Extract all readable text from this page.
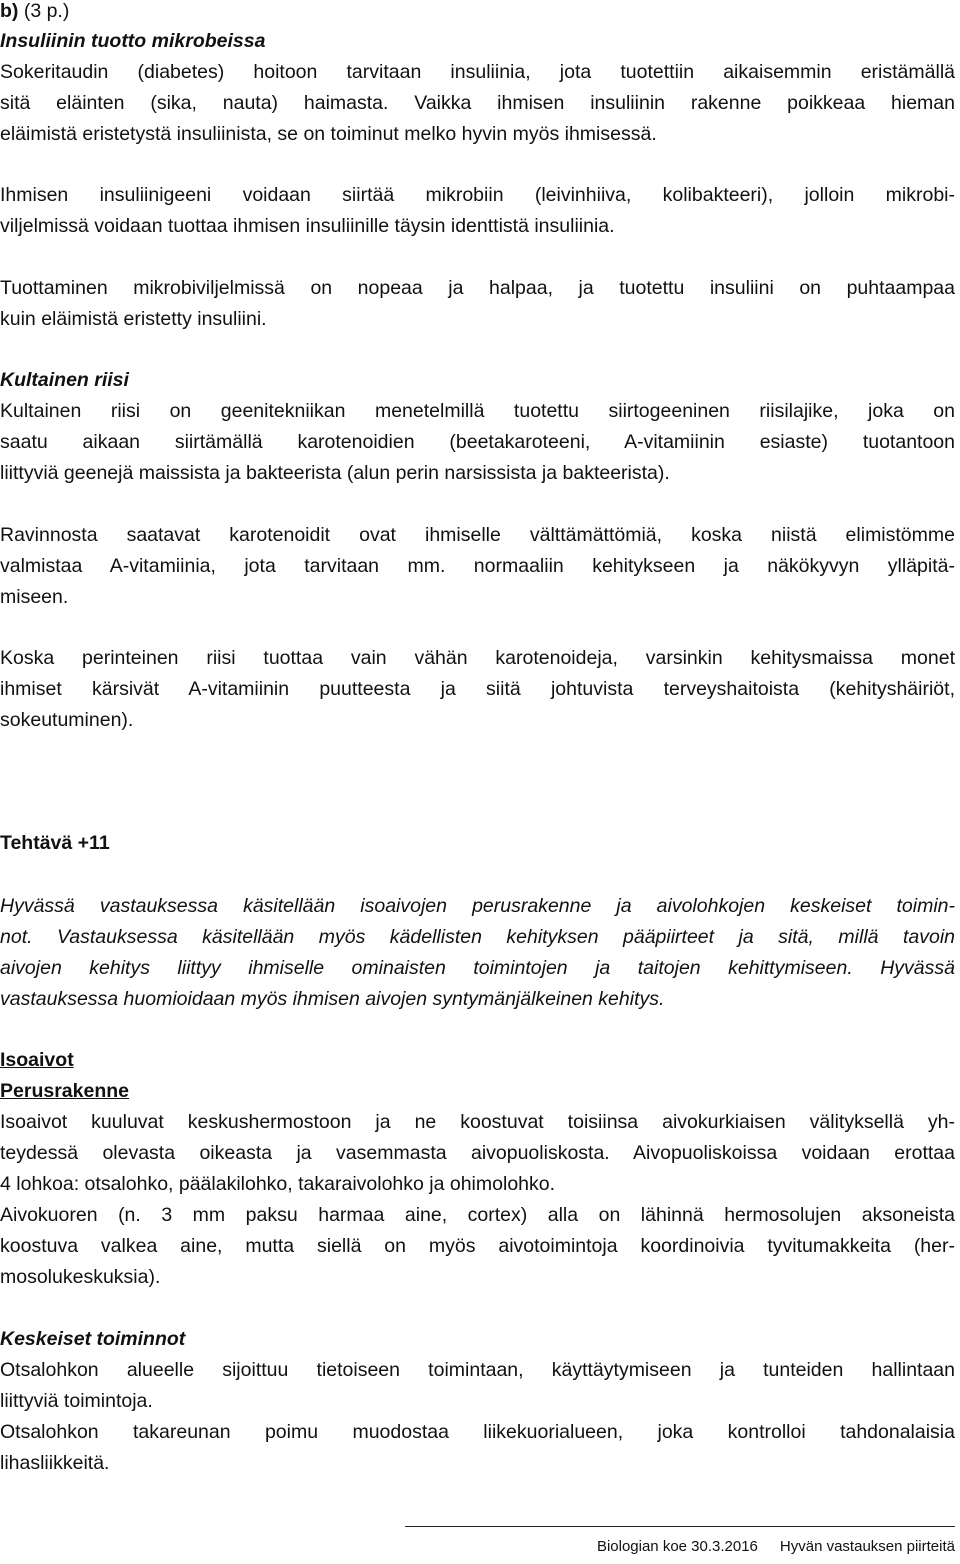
b) (3 p.)

Insuliinin tuotto mikrobeissa

Sokeritaudin (diabetes) hoitoon tarvitaan insuliinia, jota tuotettiin aikaisemmin eristämällä

sitä eläinten (sika, nauta) haimasta. Vaikka ihmisen insuliinin rakenne poikkeaa hieman

eläimistä eristetystä insuliinista, se on toiminut melko hyvin myös ihmisessä.

Ihmisen insuliinigeeni voidaan siirtää mikrobiin (leivinhiiva, kolibakteeri), jolloin mikrobi-

viljelmissä voidaan tuottaa ihmisen insuliinille täysin identtistä insuliinia.

Tuottaminen mikrobiviljelmissä on nopeaa ja halpaa, ja tuotettu insuliini on puhtaampaa

kuin eläimistä eristetty insuliini.

Kultainen riisi

Kultainen riisi on geenitekniikan menetelmillä tuotettu siirtogeeninen riisilajike, joka on

saatu aikaan siirtämällä karotenoidien (beetakaroteeni, A-vitamiinin esiaste) tuotantoon

liittyviä geenejä maissista ja bakteerista (alun perin narsissista ja bakteerista).

Ravinnosta saatavat karotenoidit ovat ihmiselle välttämättömiä, koska niistä elimistömme

valmistaa A-vitamiinia, jota tarvitaan mm. normaaliin kehitykseen ja näkökyvyn ylläpitä-

miseen.

Koska perinteinen riisi tuottaa vain vähän karotenoideja, varsinkin kehitysmaissa monet

ihmiset kärsivät A-vitamiinin puutteesta ja siitä johtuvista terveyshaitoista (kehityshäiriöt,

sokeutuminen).

Tehtävä +11

Hyvässä vastauksessa käsitellään isoaivojen perusrakenne ja aivolohkojen keskeiset toimin-

not. Vastauksessa käsitellään myös kädellisten kehityksen pääpiirteet ja sitä, millä tavoin

aivojen kehitys liittyy ihmiselle ominaisten toimintojen ja taitojen kehittymiseen. Hyvässä

vastauksessa huomioidaan myös ihmisen aivojen syntymänjälkeinen kehitys.

Isoaivot

Perusrakenne

Isoaivot kuuluvat keskushermostoon ja ne koostuvat toisiinsa aivokurkiaisen välityksellä yh-

teydessä olevasta oikeasta ja vasemmasta aivopuoliskosta. Aivopuoliskoissa voidaan erottaa

4 lohkoa: otsalohko, päälakilohko, takaraivolohko ja ohimolohko.

Aivokuoren (n. 3 mm paksu harmaa aine, cortex) alla on lähinnä hermosolujen aksoneista

koostuva valkea aine, mutta siellä on myös aivotoimintoja koordinoivia tyvitumakkeita (her-

mosolukeskuksia).

Keskeiset toiminnot

Otsalohkon alueelle sijoittuu tietoiseen toimintaan, käyttäytymiseen ja tunteiden hallintaan

liittyviä toimintoja.

Otsalohkon takareunan poimu muodostaa liikekuorialueen, joka kontrolloi tahdonalaisia

lihasliikkeitä.

Biologian koe 30.3.2016 Hyvän vastauksen piirteitä
